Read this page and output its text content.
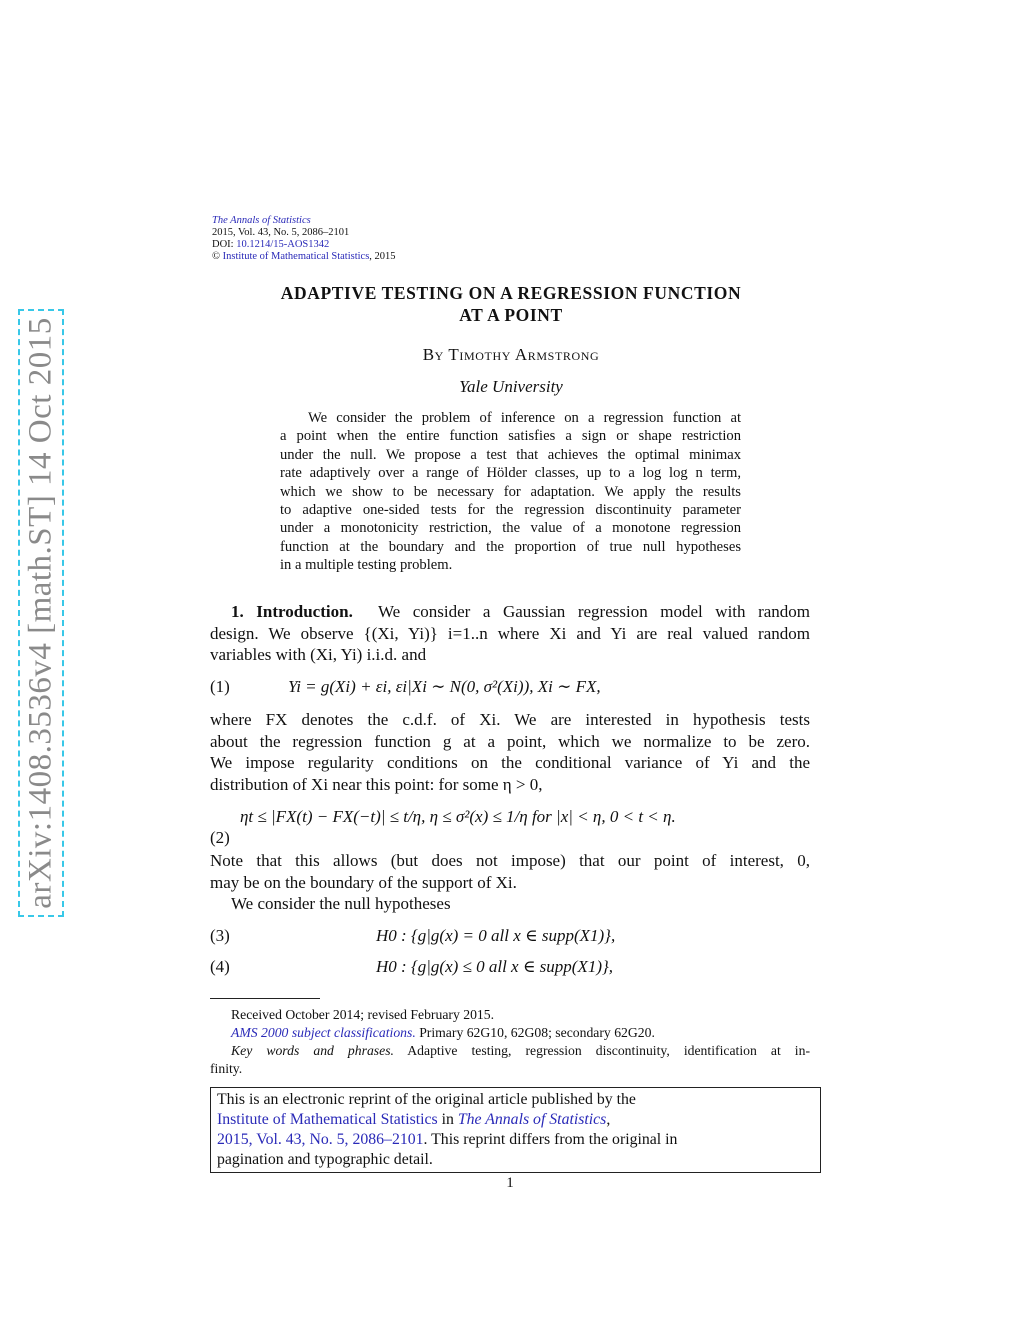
arXiv:1408.3536v4 [math.ST] 14 Oct 2015
The Annals of Statistics
2015, Vol. 43, No. 5, 2086–2101
DOI: 10.1214/15-AOS1342
© Institute of Mathematical Statistics, 2015
ADAPTIVE TESTING ON A REGRESSION FUNCTION
AT A POINT
By Timothy Armstrong
Yale University
We consider the problem of inference on a regression function at
a point when the entire function satisfies a sign or shape restriction
under the null. We propose a test that achieves the optimal minimax
rate adaptively over a range of Hölder classes, up to a log log n term,
which we show to be necessary for adaptation. We apply the results
to adaptive one-sided tests for the regression discontinuity parameter
under a monotonicity restriction, the value of a monotone regression
function at the boundary and the proportion of true null hypotheses
in a multiple testing problem.
1. Introduction. We consider a Gaussian regression model with random
design. We observe {(Xi, Yi)} i=1..n where Xi and Yi are real valued random
variables with (Xi, Yi) i.i.d. and
(1)	Yi = g(Xi) + εi, εi|Xi ∼ N(0, σ²(Xi)), Xi ∼ FX,
where FX denotes the c.d.f. of Xi. We are interested in hypothesis tests
about the regression function g at a point, which we normalize to be zero.
We impose regularity conditions on the conditional variance of Yi and the
distribution of Xi near this point: for some η > 0,
ηt ≤ |FX(t) − FX(−t)| ≤ t/η, η ≤ σ²(x) ≤ 1/η for |x| < η, 0 < t < η.
(2)
Note that this allows (but does not impose) that our point of interest, 0,
may be on the boundary of the support of Xi.
We consider the null hypotheses
(3)	H0 : {g|g(x) = 0 all x ∈ supp(X1)},
(4)	H0 : {g|g(x) ≤ 0 all x ∈ supp(X1)},
Received October 2014; revised February 2015.
AMS 2000 subject classifications. Primary 62G10, 62G08; secondary 62G20.
Key words and phrases. Adaptive testing, regression discontinuity, identification at in-
finity.
This is an electronic reprint of the original article published by the
Institute of Mathematical Statistics in The Annals of Statistics,
2015, Vol. 43, No. 5, 2086–2101. This reprint differs from the original in
pagination and typographic detail.
1
